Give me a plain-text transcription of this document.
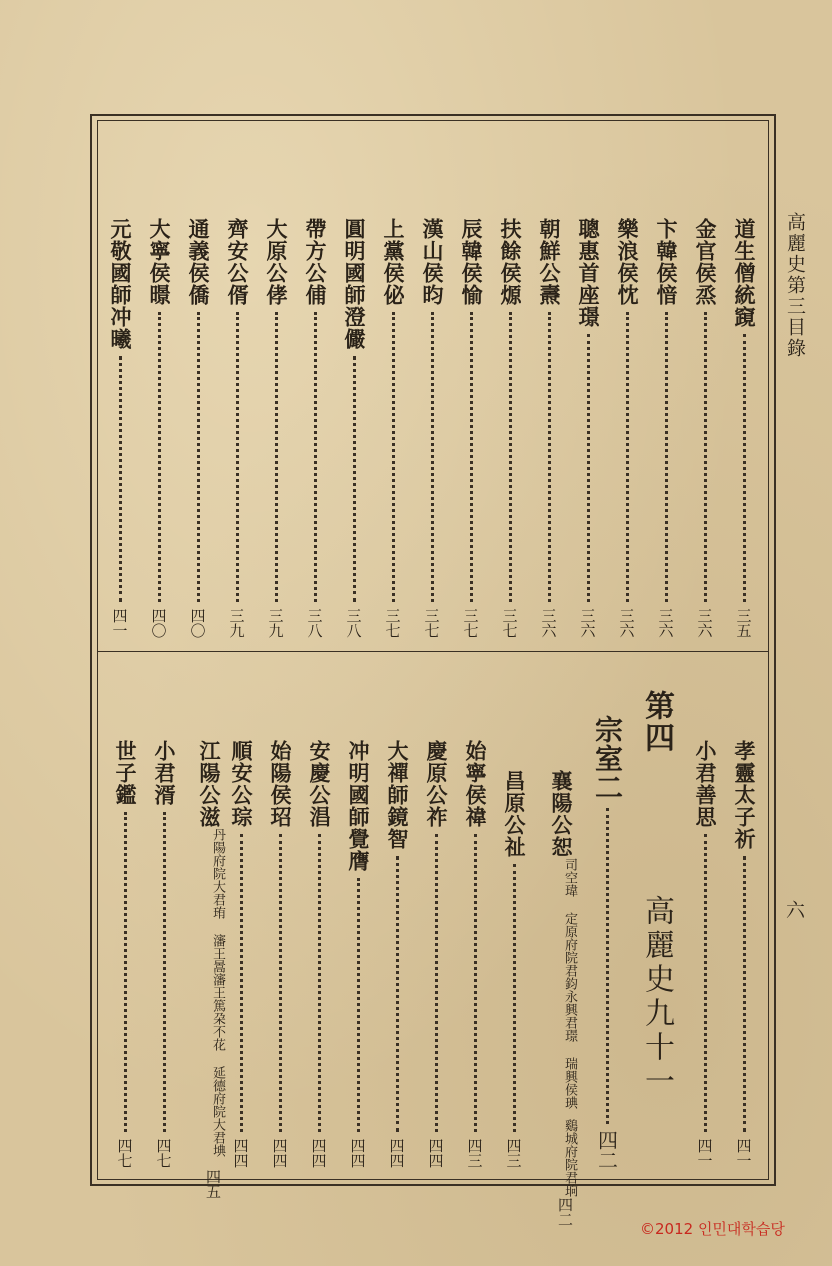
高麗史第三目錄
六
道生僧統竀
三五
金官侯烝
三六
卞韓侯愔
三六
樂浪侯忱
三六
聰惠首座璟
三六
朝鮮公燾
三六
扶餘侯㷧
三七
辰韓侯愉
三七
漢山侯昀
三七
上黨侯佖
三七
圓明國師澄儼
三八
帶方公俌
三八
大原公侾
三九
齊安公偦
三九
通義侯僑
四〇
大寧侯暻
四〇
元敬國師冲曦
四一
孝靈太子祈
四一
小君善思
四一
高麗史九十一
第四
宗室二
四二
襄陽公恕
司空瑋 定原府院君鈞
永興君璟 瑞興侯琠
鷄城府院君珦
四二
昌原公祉
四三
始寧侯禕
四三
慶原公祚
四四
大禪師鏡智
四四
冲明國師覺膺
四四
安慶公淐
四四
始陽侯玿
四四
順安公琮
四四
江陽公滋
丹陽府院大君珛 瀋王暠
瀋王篤朶不花 延德府院大君㙉
四五
小君湑
四七
世子鑑
四七
©2012 인민대학습당
